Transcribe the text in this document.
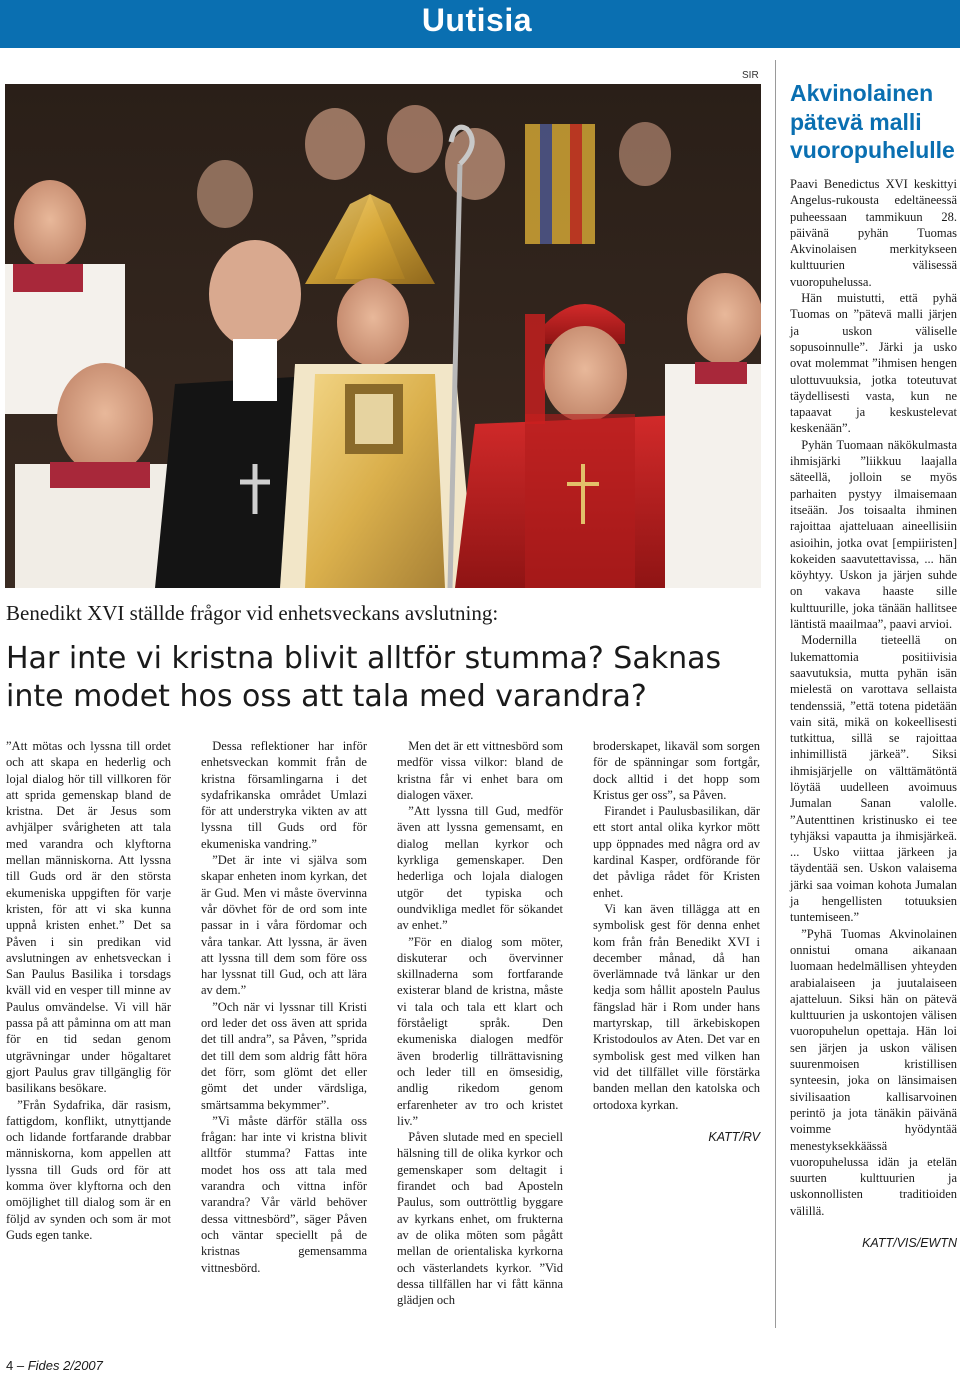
Uutisia
SIR
Benedikt XVI ställde frågor vid enhetsveckans avslutning:
Har inte vi kristna blivit alltför stumma? Saknas inte modet hos oss att tala med varandra?

”Att mötas och lyssna till ordet och att skapa en hederlig och lojal dialog hör till villkoren för att sprida gemenskap bland de kristna. Det är Jesus som avhjälper svårigheten att tala med varandra och klyftorna mellan människorna. Att lyssna till Guds ord är den största ekumeniska uppgiften för varje kristen, för att vi ska kunna uppnå kristen enhet.” Det sa Påven i sin predikan vid avslutningen av enhetsveckan i San Paulus Basilika i torsdags kväll vid en vesper till minne av Paulus omvändelse. Vi vill här passa på att påminna om att man för en tid sedan genom utgrävningar under högaltaret gjort Paulus grav tillgänglig för basilikans besökare.

”Från Sydafrika, där rasism, fattigdom, konflikt, utnyttjande och lidande fortfarande drabbar människorna, kom appellen att lyssna till Guds ord för att komma över klyftorna och den omöjlighet till dialog som är en följd av synden och som är mot Guds egen tanke.

Dessa reflektioner har inför enhetsveckan kommit från de kristna församlingarna i det sydafrikanska området Umlazi för att understryka vikten av att lyssna till Guds ord för ekumeniska vandring.”

”Det är inte vi själva som skapar enheten inom kyrkan, det är Gud. Men vi måste övervinna vår dövhet för de ord som inte passar in i våra fördomar och våra tankar. Att lyssna, är även att lyssna till dem som före oss har lyssnat till Gud, och att lära av dem.”

”Och när vi lyssnar till Kristi ord leder det oss även att sprida det till andra”, sa Påven, ”sprida det till dem som aldrig fått höra det förr, som glömt det eller gömt det under värdsliga, smärtsamma bekymmer”.

”Vi måste därför ställa oss frågan: har inte vi kristna blivit alltför stumma? Fattas inte modet hos oss att tala med varandra och vittna inför varandra? Vår värld behöver dessa vittnesbörd”, säger Påven och väntar speciellt på de kristnas gemensamma vittnesbörd.

Men det är ett vittnesbörd som medför vissa vilkor: bland de kristna får vi enhet bara om dialogen växer.

”Att lyssna till Gud, medför även att lyssna gemensamt, en dialog mellan kyrkor och kyrkliga gemenskaper. Den hederliga och lojala dialogen utgör det typiska och oundvikliga medlet för sökandet av enhet.”

”För en dialog som möter, diskuterar och övervinner skillnaderna som fortfarande existerar bland de kristna, måste vi tala och tala ett klart och förståeligt språk. Den ekumeniska dialogen medför även broderlig tillrättavisning och leder till en ömsesidig, andlig rikedom genom erfarenheter av tro och kristet liv.”

Påven slutade med en speciell hälsning till de olika kyrkor och gemenskaper som deltagit i firandet och bad Aposteln Paulus, som outtröttlig byggare av kyrkans enhet, om frukterna av de olika möten som pågått mellan de orientaliska kyrkorna och västerlandets kyrkor. ”Vid dessa tillfällen har vi fått känna glädjen och

broderskapet, likaväl som sorgen för de spänningar som fortgår, dock alltid i det hopp som Kristus ger oss”, sa Påven.

Firandet i Paulusbasilikan, där ett stort antal olika kyrkor mött upp öppnades med några ord av kardinal Kasper, ordförande för det påvliga rådet för Kristen enhet.

Vi kan även tillägga att en symbolisk gest för denna enhet kom från från Benedikt XVI i december månad, då han överlämnade två länkar ur den kedja som hållit aposteln Paulus fängslad här i Rom under hans martyrskap, till ärkebiskopen Kristodoulos av Aten. Det var en symbolisk gest med vilken han vid det tillfället ville förstärka banden mellan den katolska och ortodoxa kyrkan.

KATT/RV

Akvinolainen pätevä malli vuoropuhelulle

Paavi Benedictus XVI keskittyi Angelus-rukousta edeltäneessä puheessaan tammikuun 28. päivänä pyhän Tuomas Akvinolaisen merkitykseen kulttuurien välisessä vuoropuhelussa.

Hän muistutti, että pyhä Tuomas on ”pätevä malli järjen ja uskon väliselle sopusoinnulle”. Järki ja usko ovat molemmat ”ihmisen hengen ulottuvuuksia, jotka toteutuvat täydellisesti vasta, kun ne tapaavat ja keskustelevat keskenään”.

Pyhän Tuomaan näkökulmasta ihmisjärki ”liikkuu laajalla säteellä, jolloin se myös parhaiten pystyy ilmaisemaan itseään. Jos toisaalta ihminen rajoittaa ajatteluaan aineellisiin asioihin, jotka ovat [empiiristen] kokeiden saavutettavissa, ... hän köyhtyy. Uskon ja järjen suhde on vakava haaste sille kulttuurille, joka tänään hallitsee läntistä maailmaa”, paavi arvioi.

Modernilla tieteellä on lukemattomia positiivisia saavutuksia, mutta pyhän isän mielestä on varottava sellaista tendenssiä, ”että totena pidetään vain sitä, mikä on kokeellisesti tutkittua, sillä se rajoittaa inhimillistä järkeä”. Siksi ihmisjärjelle on välttämätöntä löytää uudelleen avoimuus Jumalan Sanan valolle. ”Autenttinen kristinusko ei tee tyhjäksi vapautta ja ihmisjärkeä. ... Usko viittaa järkeen ja täydentää sen. Uskon valaisema järki saa voiman kohota Jumalan ja hengellisten totuuksien tuntemiseen.”

”Pyhä Tuomas Akvinolainen onnistui omana aikanaan luomaan hedelmällisen yhteyden arabialaiseen ja juutalaiseen ajatteluun. Siksi hän on pätevä kulttuurien ja uskontojen välisen vuoropuhelun opettaja. Hän loi sen järjen ja uskon välisen suurenmoisen kristillisen synteesin, joka on länsimaisen sivilisaation kallisarvoinen perintö ja jota tänäkin päivänä voimme hyödyntää menestyksekkäässä vuoropuhelussa idän ja etelän suurten kulttuurien ja uskonnollisten traditioiden välillä.

KATT/VIS/EWTN

4 – Fides 2/2007
